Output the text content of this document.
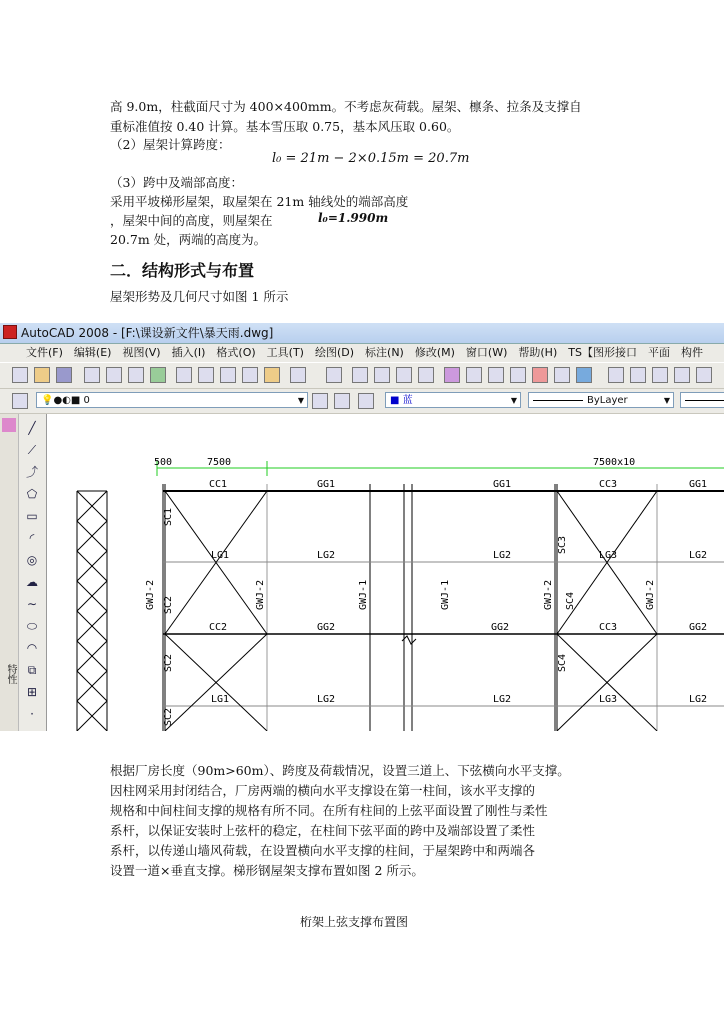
高 9.0m，柱截面尺寸为 400×400mm。不考虑灰荷载。屋架、檩条、拉条及支撑自
重标准值按 0.40 计算。基本雪压取 0.75，基本风压取 0.60。
（2）屋架计算跨度：
l₀ = 21m − 2×0.15m = 20.7m
（3）跨中及端部高度：
采用平坡梯形屋架，取屋架在 21m 轴线处的端部高度
，屋架中间的高度，则屋架在	l₀=1.990m
20.7m 处，两端的高度为。
二．结构形式与布置
屋架形势及几何尺寸如图 1 所示
AutoCAD 2008 - [F:\课设新文件\暴天雨.dwg]
文件(F) 编辑(E) 视图(V) 插入(I) 格式(O) 工具(T) 绘图(D) 标注(N) 修改(M) 窗口(W) 帮助(H) TS【图形接口 平面 构件
💡●◐■ 0	▼	■ 蓝	▼	ByLayer	▼
特性
╱
⟋
⤴
⬠
▭
◜
◎
☁
∼
⬭
◠
⧉
⊞
·
500	7500	7500x10
CC1	GG1	GG1	CC3	GG1
LG1	LG2	LG2	LG3	LG2
CC2	GG2	GG2	CC3	GG2
LG1	LG2	LG2	LG3	LG2
SC1
SC2
SC2
SC2
GWJ-2	GWJ-2	GWJ-1	GWJ-1	GWJ-2	GWJ-2
SC3
SC4
SC4
根据厂房长度（90m>60m）、跨度及荷载情况，设置三道上、下弦横向水平支撑。
因柱网采用封闭结合，厂房两端的横向水平支撑设在第一柱间，该水平支撑的
规格和中间柱间支撑的规格有所不同。在所有柱间的上弦平面设置了刚性与柔性
系杆，以保证安装时上弦杆的稳定，在柱间下弦平面的跨中及端部设置了柔性
系杆，以传递山墙风荷载，在设置横向水平支撑的柱间，于屋架跨中和两端各
设置一道×垂直支撑。梯形钢屋架支撑布置如图 2 所示。
桁架上弦支撑布置图
